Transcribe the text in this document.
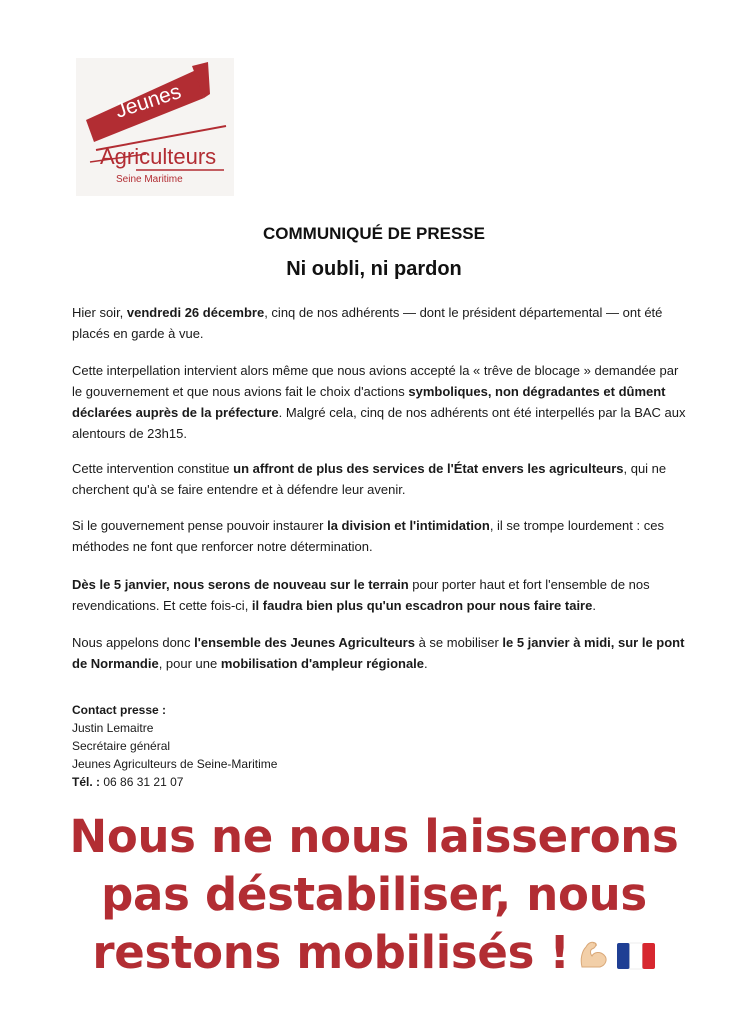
Jeunes
Agriculteurs
Seine Maritime
COMMUNIQUÉ DE PRESSE
Ni oubli, ni pardon

Hier soir, vendredi 26 décembre, cinq de nos adhérents — dont le président départemental — ont été placés en garde à vue.

Cette interpellation intervient alors même que nous avions accepté la « trêve de blocage » demandée par le gouvernement et que nous avions fait le choix d'actions symboliques, non dégradantes et dûment déclarées auprès de la préfecture. Malgré cela, cinq de nos adhérents ont été interpellés par la BAC aux alentours de 23h15.

Cette intervention constitue un affront de plus des services de l'État envers les agriculteurs, qui ne cherchent qu'à se faire entendre et à défendre leur avenir.

Si le gouvernement pense pouvoir instaurer la division et l'intimidation, il se trompe lourdement : ces méthodes ne font que renforcer notre détermination.

Dès le 5 janvier, nous serons de nouveau sur le terrain pour porter haut et fort l'ensemble de nos revendications. Et cette fois-ci, il faudra bien plus qu'un escadron pour nous faire taire.

Nous appelons donc l'ensemble des Jeunes Agriculteurs à se mobiliser le 5 janvier à midi, sur le pont de Normandie, pour une mobilisation d'ampleur régionale.

Contact presse :
Justin Lemaitre
Secrétaire général
Jeunes Agriculteurs de Seine-Maritime
Tél. : 06 86 31 21 07
Nous ne nous laisserons
pas déstabiliser, nous
restons mobilisés !
